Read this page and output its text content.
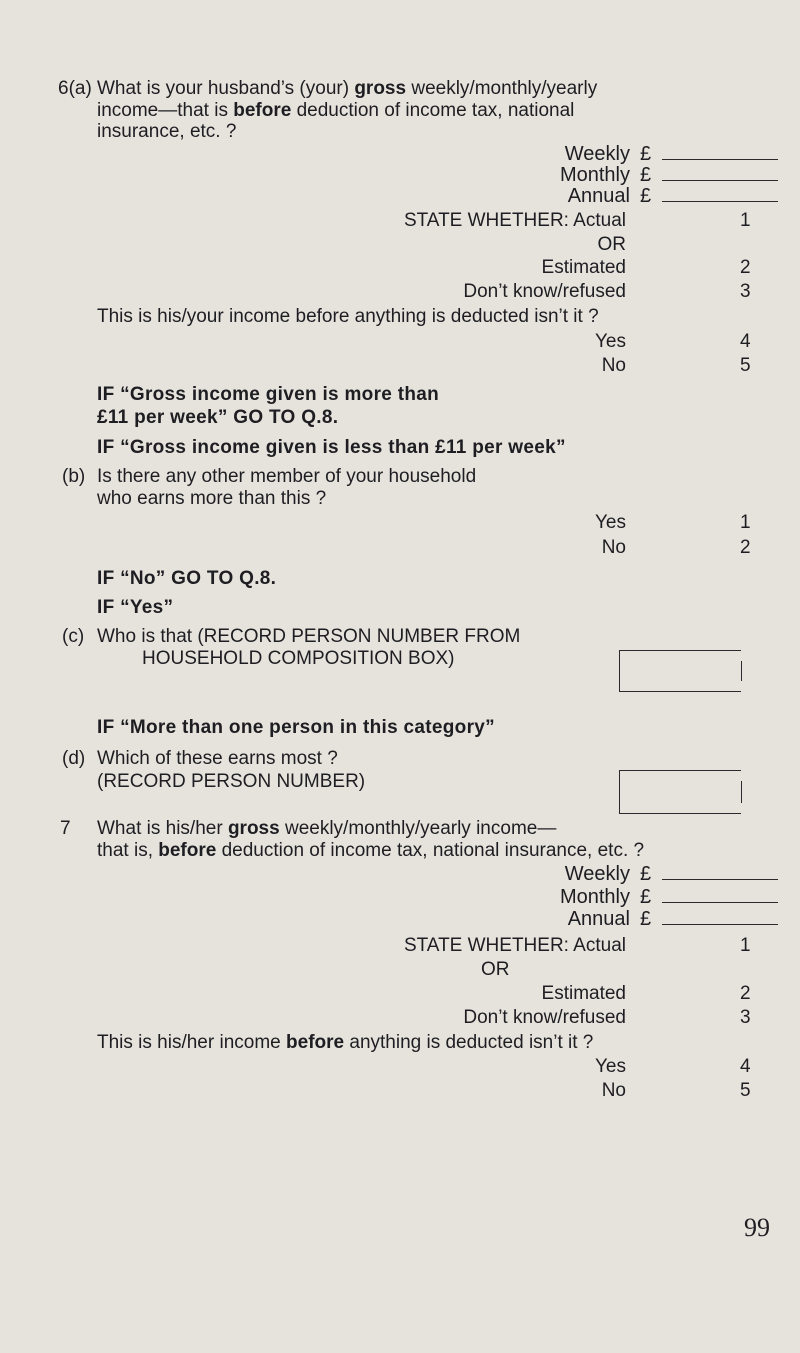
6(a) What is your husband’s (your) gross weekly/monthly/yearly
income—that is before deduction of income tax, national
insurance, etc. ?
Weekly £
Monthly £
Annual £
STATE WHETHER: Actual	1
OR
Estimated	2
Don’t know/refused	3
This is his/your income before anything is deducted isn’t it ?
Yes	4
No	5
IF “Gross income given is more than
£11 per week” GO TO Q.8.
IF “Gross income given is less than £11 per week”
(b) Is there any other member of your household
who earns more than this ?
Yes	1
No	2
IF “No” GO TO Q.8.
IF “Yes”
(c) Who is that (RECORD PERSON NUMBER FROM
HOUSEHOLD COMPOSITION BOX)
IF “More than one person in this category”
(d) Which of these earns most ?
(RECORD PERSON NUMBER)
7 What is his/her gross weekly/monthly/yearly income—
that is, before deduction of income tax, national insurance, etc. ?
Weekly £
Monthly £
Annual £
STATE WHETHER: Actual	1
OR
Estimated	2
Don’t know/refused	3
This is his/her income before anything is deducted isn’t it ?
Yes	4
No	5
99
